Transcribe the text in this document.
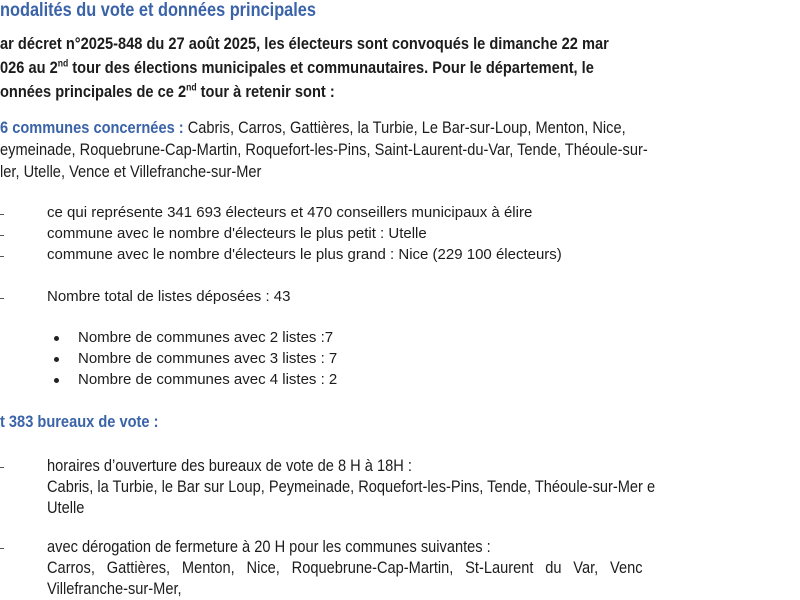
nodalités du vote et données principales
ar décret n°2025-848 du 27 août 2025, les électeurs sont convoqués le dimanche 22 mar
026 au 2nd tour des élections municipales et communautaires. Pour le département, le
onnées principales de ce 2nd tour à retenir sont :
6 communes concernées : Cabris, Carros, Gattières, la Turbie, Le Bar-sur-Loup, Menton, Nice,
eymeinade, Roquebrune-Cap-Martin, Roquefort-les-Pins, Saint-Laurent-du-Var, Tende, Théoule-sur-
ler, Utelle, Vence et Villefranche-sur-Mer
ce qui représente 341 693 électeurs et 470 conseillers municipaux à élire
commune avec le nombre d'électeurs le plus petit : Utelle
commune avec le nombre d'électeurs le plus grand : Nice (229 100 électeurs)
Nombre total de listes déposées : 43
Nombre de communes avec 2 listes :7
Nombre de communes avec 3 listes : 7
Nombre de communes avec 4 listes : 2
t 383 bureaux de vote :
horaires d’ouverture des bureaux de vote de 8 H à 18H :
Cabris, la Turbie, le Bar sur Loup, Peymeinade, Roquefort-les-Pins, Tende, Théoule-sur-Mer e
Utelle
avec dérogation de fermeture à 20 H pour les communes suivantes :
Carros, Gattières, Menton, Nice, Roquebrune-Cap-Martin, St-Laurent du Var, Venc
Villefranche-sur-Mer,
